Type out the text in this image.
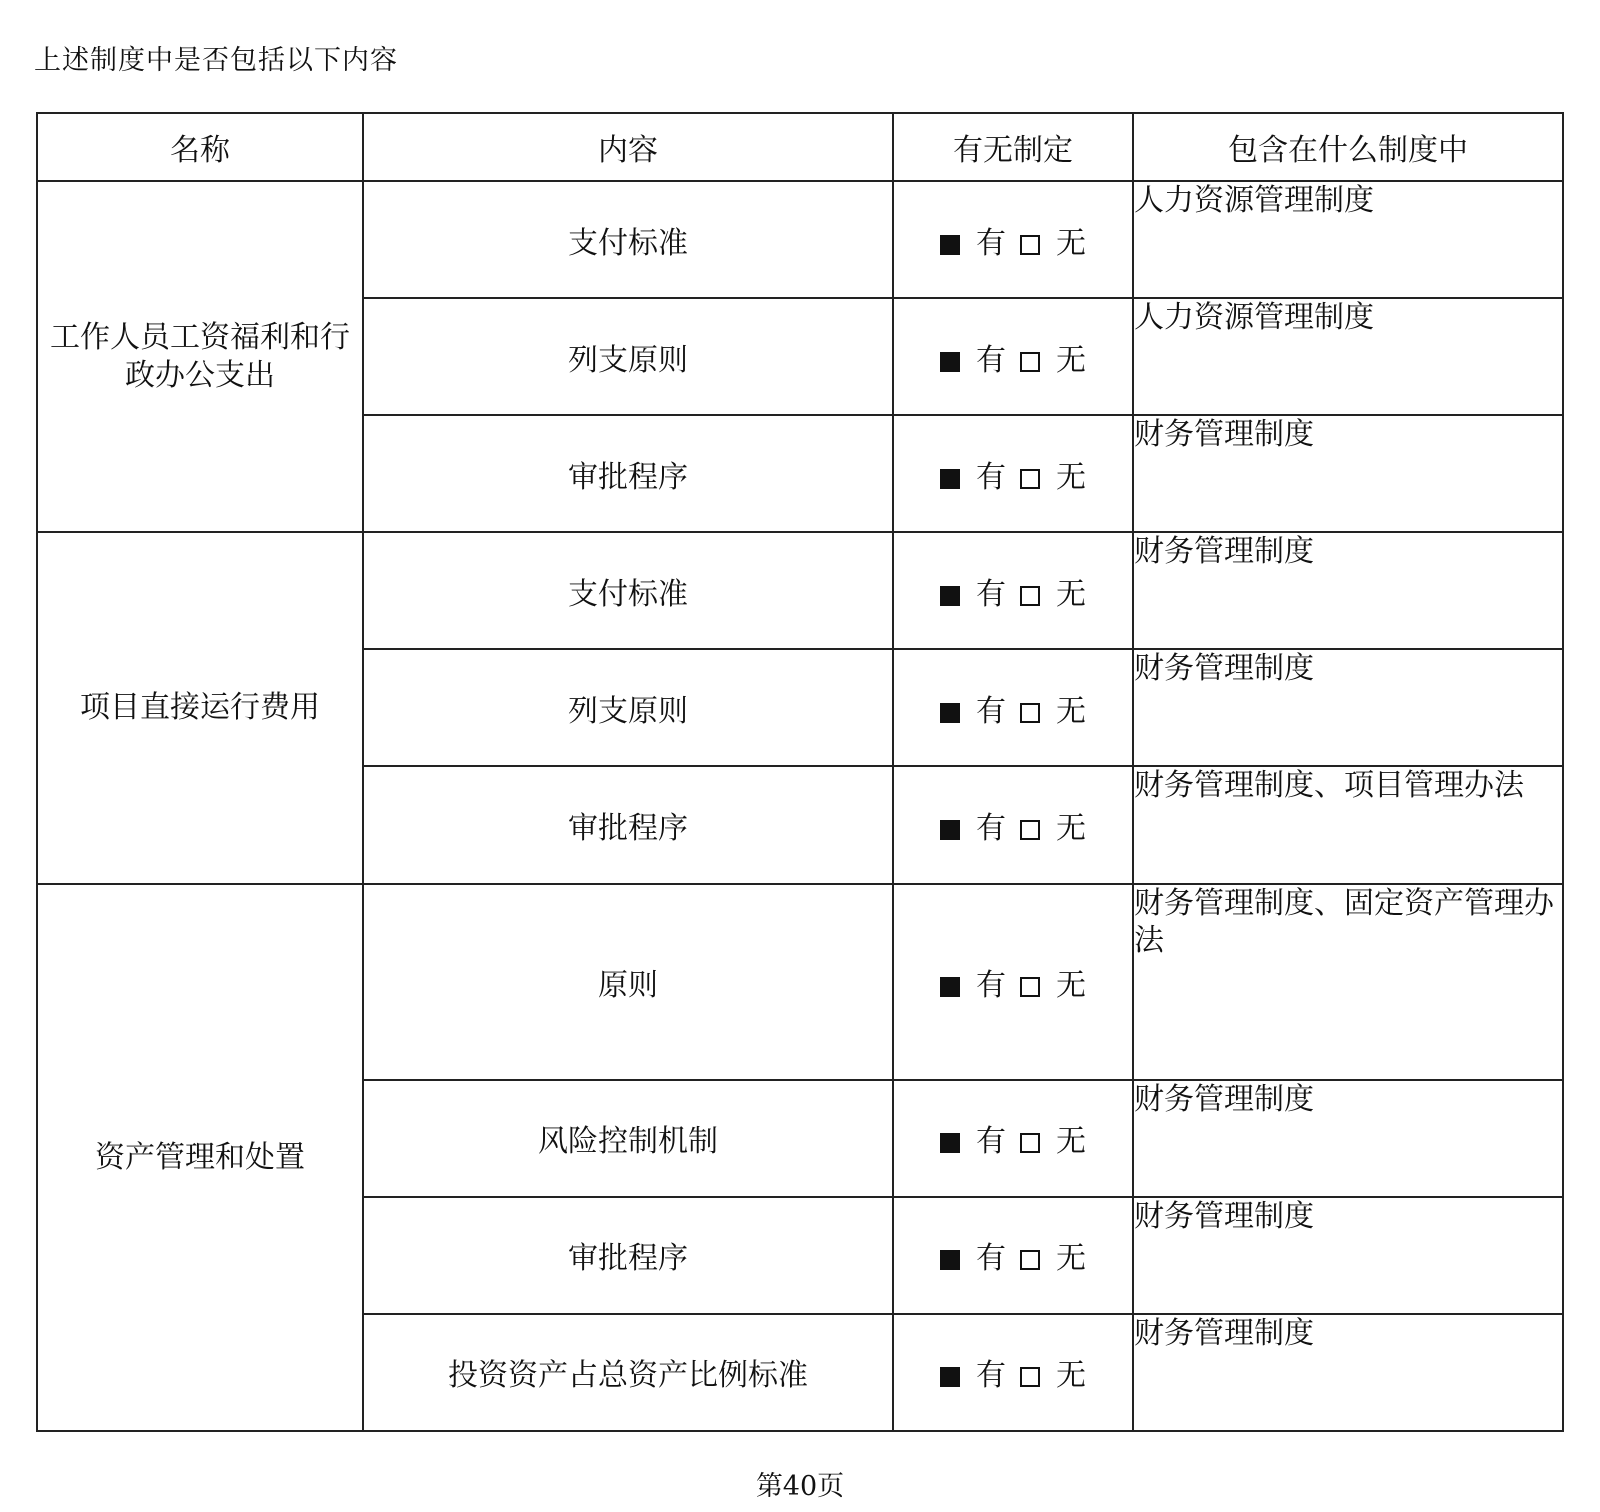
上述制度中是否包括以下内容
名称	内容	有无制定	包含在什么制度中
工作人员工资福利和行政办公支出	支付标准	有 无	人力资源管理制度
	列支原则	有 无	人力资源管理制度
	审批程序	有 无	财务管理制度
项目直接运行费用	支付标准	有 无	财务管理制度
	列支原则	有 无	财务管理制度
	审批程序	有 无	财务管理制度、项目管理办法
资产管理和处置	原则	有 无	财务管理制度、固定资产管理办法
	风险控制机制	有 无	财务管理制度
	审批程序	有 无	财务管理制度
	投资资产占总资产比例标准	有 无	财务管理制度
第40页
